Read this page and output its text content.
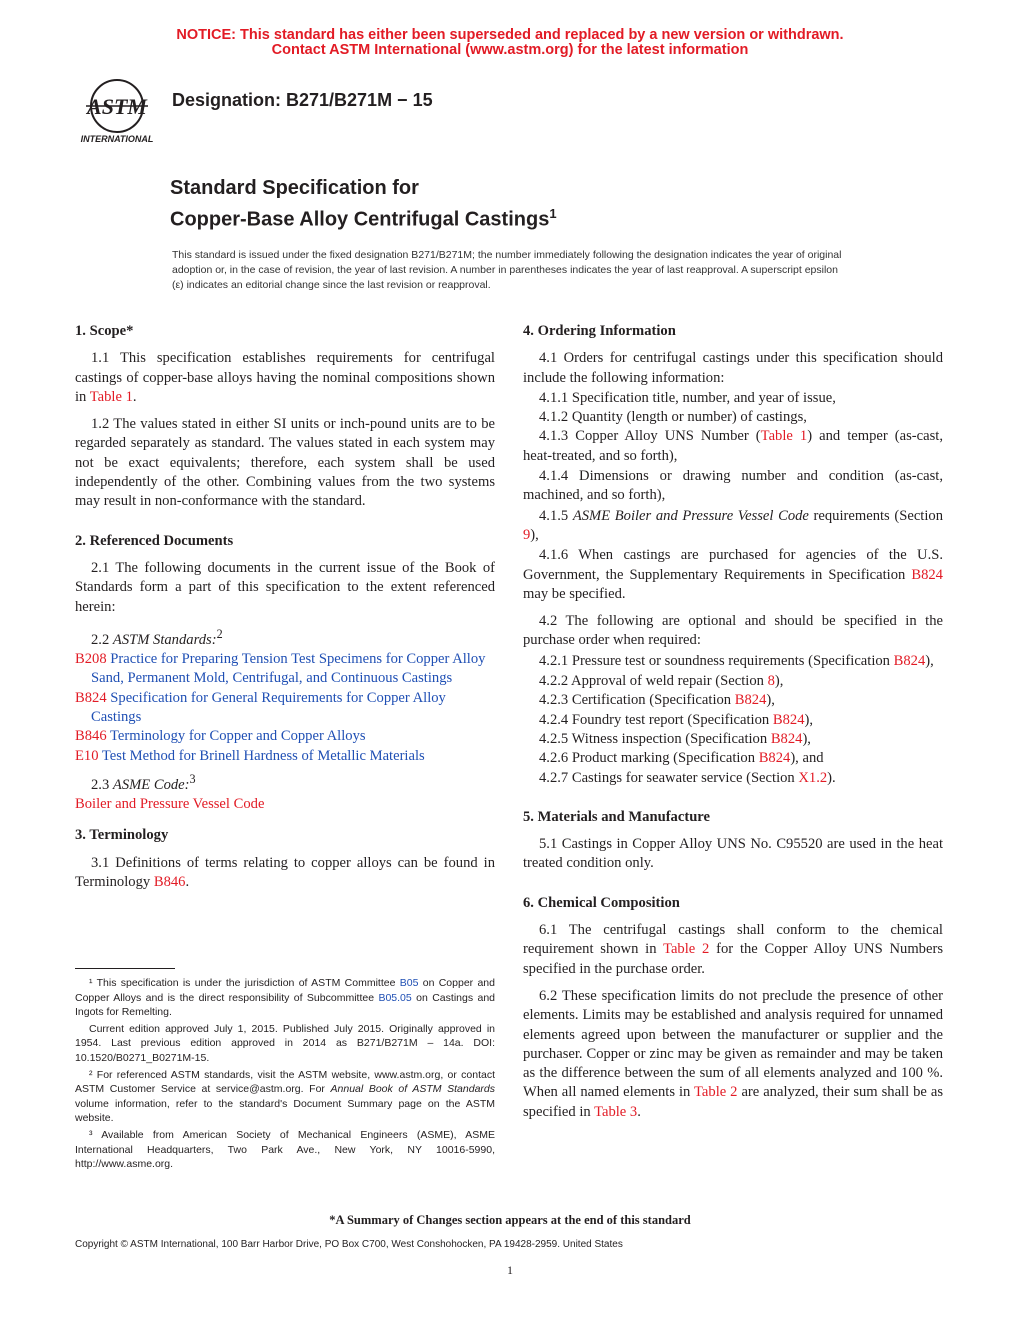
NOTICE: This standard has either been superseded and replaced by a new version or withdrawn.
Contact ASTM International (www.astm.org) for the latest information
ASTM
INTERNATIONAL
Designation: B271/B271M − 15
Standard Specification for
Copper-Base Alloy Centrifugal Castings$^1$
This standard is issued under the fixed designation B271/B271M; the number immediately following the designation indicates the year of original adoption or, in the case of revision, the year of last revision. A number in parentheses indicates the year of last reapproval. A superscript epsilon (ε) indicates an editorial change since the last revision or reapproval.
1. Scope*

1.1 This specification establishes requirements for centrifugal castings of copper-base alloys having the nominal compositions shown in Table 1.

1.2 The values stated in either SI units or inch-pound units are to be regarded separately as standard. The values stated in each system may not be exact equivalents; therefore, each system shall be used independently of the other. Combining values from the two systems may result in non-conformance with the standard.

2. Referenced Documents

2.1 The following documents in the current issue of the Book of Standards form a part of this specification to the extent referenced herein:

2.2 ASTM Standards:$^2$

B208 Practice for Preparing Tension Test Specimens for Copper Alloy Sand, Permanent Mold, Centrifugal, and Continuous Castings
B824 Specification for General Requirements for Copper Alloy Castings
B846 Terminology for Copper and Copper Alloys
E10 Test Method for Brinell Hardness of Metallic Materials

2.3 ASME Code:$^3$

Boiler and Pressure Vessel Code
3. Terminology

3.1 Definitions of terms relating to copper alloys can be found in Terminology B846.

4. Ordering Information

4.1 Orders for centrifugal castings under this specification should include the following information:

4.1.1 Specification title, number, and year of issue,

4.1.2 Quantity (length or number) of castings,

4.1.3 Copper Alloy UNS Number (Table 1) and temper (as-cast, heat-treated, and so forth),

4.1.4 Dimensions or drawing number and condition (as-cast, machined, and so forth),

4.1.5 ASME Boiler and Pressure Vessel Code requirements (Section 9),

4.1.6 When castings are purchased for agencies of the U.S. Government, the Supplementary Requirements in Specification B824 may be specified.

4.2 The following are optional and should be specified in the purchase order when required:

4.2.1 Pressure test or soundness requirements (Specification B824),

4.2.2 Approval of weld repair (Section 8),

4.2.3 Certification (Specification B824),

4.2.4 Foundry test report (Specification B824),

4.2.5 Witness inspection (Specification B824),

4.2.6 Product marking (Specification B824), and

4.2.7 Castings for seawater service (Section X1.2).

5. Materials and Manufacture

5.1 Castings in Copper Alloy UNS No. C95520 are used in the heat treated condition only.

6. Chemical Composition

6.1 The centrifugal castings shall conform to the chemical requirement shown in Table 2 for the Copper Alloy UNS Numbers specified in the purchase order.

6.2 These specification limits do not preclude the presence of other elements. Limits may be established and analysis required for unnamed elements agreed upon between the manufacturer or supplier and the purchaser. Copper or zinc may be given as remainder and may be taken as the difference between the sum of all elements analyzed and 100 %. When all named elements in Table 2 are analyzed, their sum shall be as specified in Table 3.

¹ This specification is under the jurisdiction of ASTM Committee B05 on Copper and Copper Alloys and is the direct responsibility of Subcommittee B05.05 on Castings and Ingots for Remelting.

Current edition approved July 1, 2015. Published July 2015. Originally approved in 1954. Last previous edition approved in 2014 as B271/B271M – 14a. DOI: 10.1520/B0271_B0271M-15.

² For referenced ASTM standards, visit the ASTM website, www.astm.org, or contact ASTM Customer Service at service@astm.org. For Annual Book of ASTM Standards volume information, refer to the standard's Document Summary page on the ASTM website.

³ Available from American Society of Mechanical Engineers (ASME), ASME International Headquarters, Two Park Ave., New York, NY 10016-5990, http://www.asme.org.

*A Summary of Changes section appears at the end of this standard
Copyright © ASTM International, 100 Barr Harbor Drive, PO Box C700, West Conshohocken, PA 19428-2959. United States
1
